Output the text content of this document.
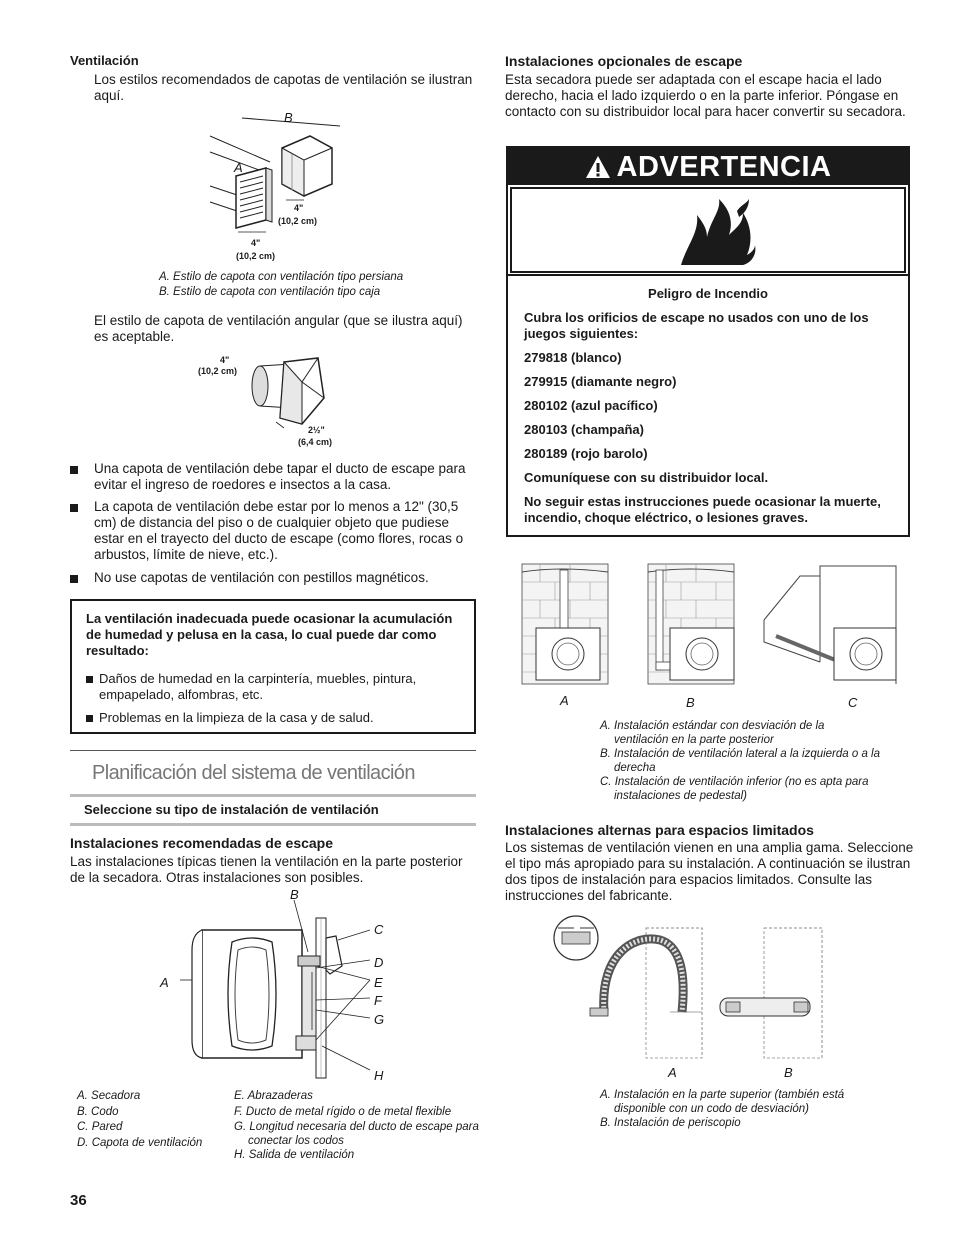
Ventilación
Los estilos recomendados de capotas de ventilación se ilustran aquí.
B
A
4"
(10,2 cm)
4"
(10,2 cm)
A. Estilo de capota con ventilación tipo persiana
B. Estilo de capota con ventilación tipo caja
El estilo de capota de ventilación angular (que se ilustra aquí) es aceptable.
4"
(10,2 cm)
2½"
(6,4 cm)
Una capota de ventilación debe tapar el ducto de escape para evitar el ingreso de roedores e insectos a la casa.
La capota de ventilación debe estar por lo menos a 12" (30,5 cm) de distancia del piso o de cualquier objeto que pudiese estar en el trayecto del ducto de escape (como flores, rocas o arbustos, límite de nieve, etc.).
No use capotas de ventilación con pestillos magnéticos.
La ventilación inadecuada puede ocasionar la acumulación de humedad y pelusa en la casa, lo cual puede dar como resultado:
Daños de humedad en la carpintería, muebles, pintura, empapelado, alfombras, etc.
Problemas en la limpieza de la casa y de salud.
Planificación del sistema de ventilación
Seleccione su tipo de instalación de ventilación
Instalaciones recomendadas de escape
Las instalaciones típicas tienen la ventilación en la parte posterior de la secadora. Otras instalaciones son posibles.
A
B
C
D
E
F
G
H
A. Secadora
B. Codo
C. Pared
D. Capota de ventilación
E. Abrazaderas
F. Ducto de metal rígido o de metal flexible
G. Longitud necesaria del ducto de escape para conectar los codos
H. Salida de ventilación
36
Instalaciones opcionales de escape
Esta secadora puede ser adaptada con el escape hacia el lado derecho, hacia el lado izquierdo o en la parte inferior. Póngase en contacto con su distribuidor local para hacer convertir su secadora.
ADVERTENCIA
Peligro de Incendio
Cubra los orificios de escape no usados con uno de los juegos siguientes:
279818 (blanco)
279915 (diamante negro)
280102 (azul pacífico)
280103 (champaña)
280189 (rojo barolo)
Comuníquese con su distribuidor local.
No seguir estas instrucciones puede ocasionar la muerte, incendio, choque eléctrico, o lesiones graves.
A	B	C
A. Instalación estándar con desviación de la ventilación en la parte posterior
B. Instalación de ventilación lateral a la izquierda o a la derecha
C. Instalación de ventilación inferior (no es apta para instalaciones de pedestal)
Instalaciones alternas para espacios limitados
Los sistemas de ventilación vienen en una amplia gama. Seleccione el tipo más apropiado para su instalación. A continuación se ilustran dos tipos de instalación para espacios limitados. Consulte las instrucciones del fabricante.
A	B
A. Instalación en la parte superior (también está disponible con un codo de desviación)
B. Instalación de periscopio
